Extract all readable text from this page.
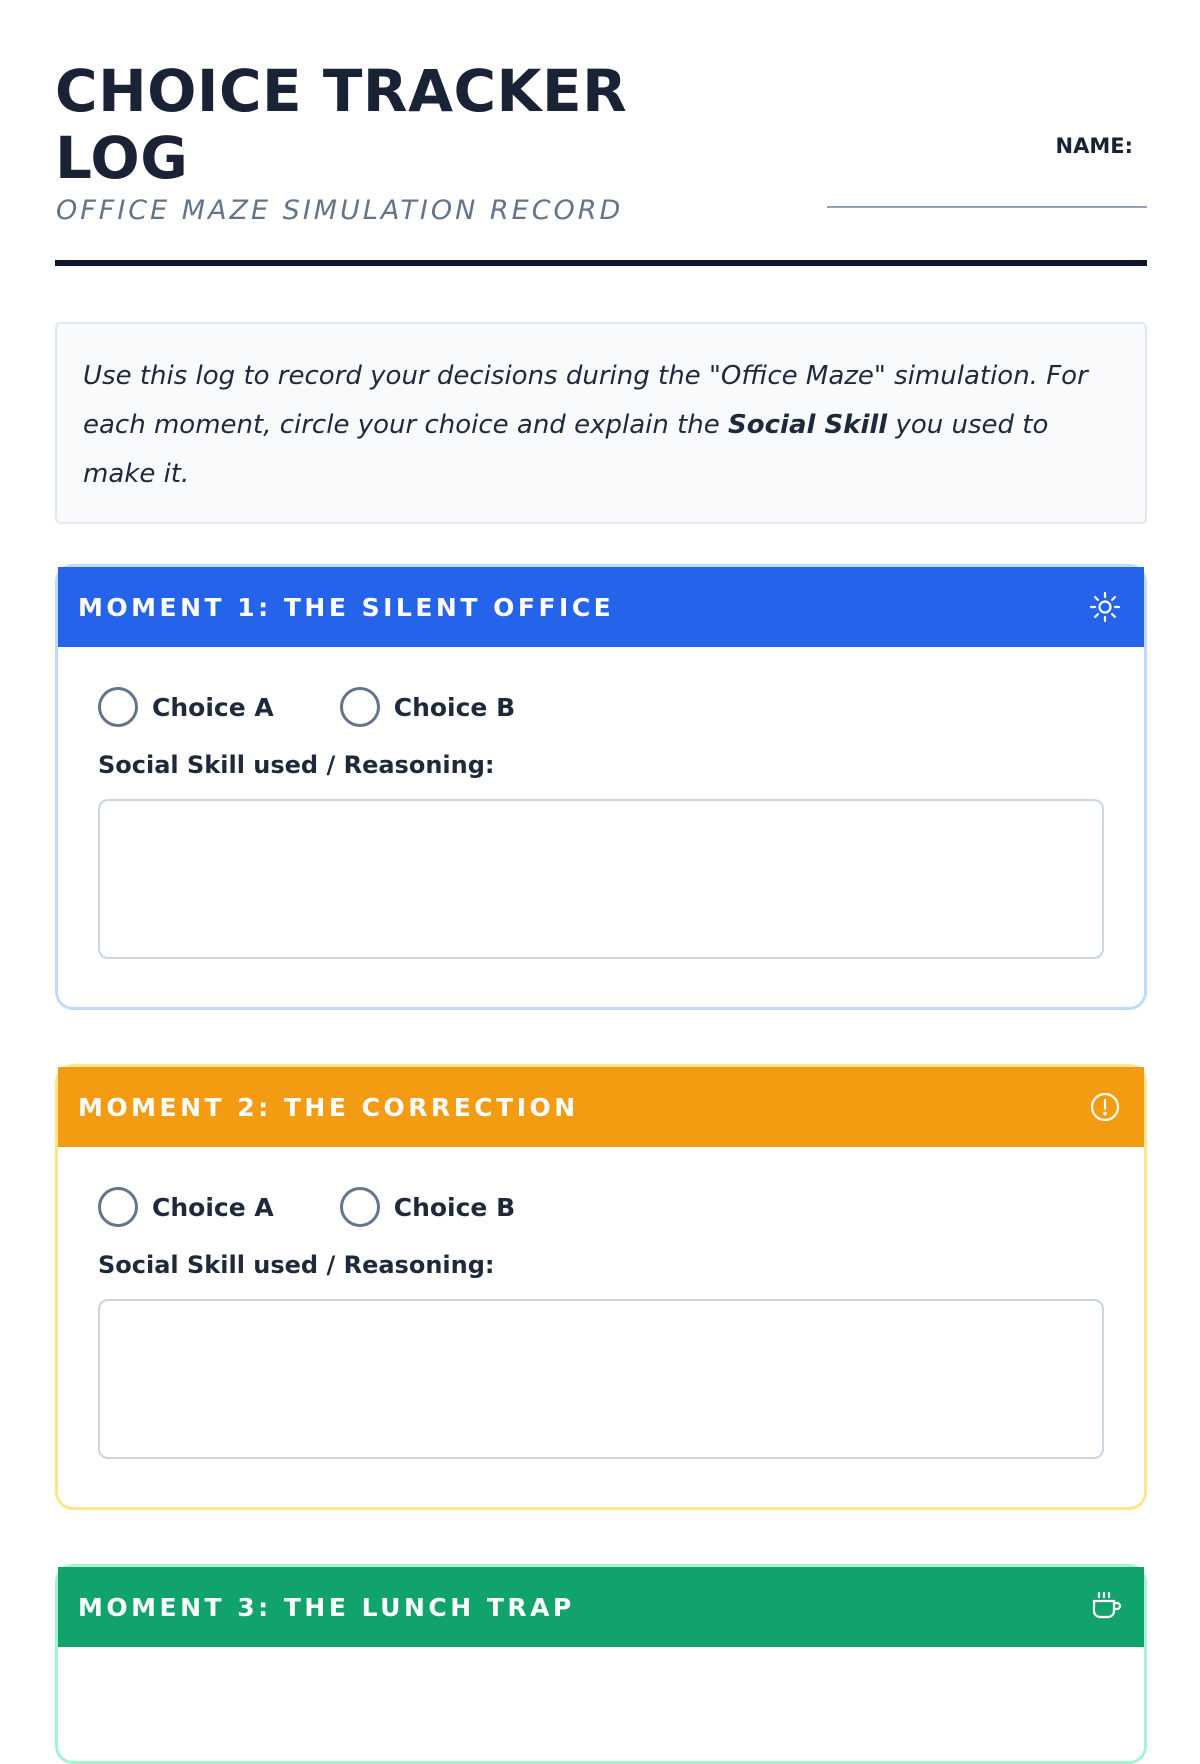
CHOICE TRACKER LOG
OFFICE MAZE SIMULATION RECORD
NAME:

Use this log to record your decisions during the "Office Maze" simulation. For each moment, circle your choice and explain the Social Skill you used to make it.

MOMENT 1: THE SILENT OFFICE
Choice A	Choice B
Social Skill used / Reasoning:
MOMENT 2: THE CORRECTION
Choice A	Choice B
Social Skill used / Reasoning:
MOMENT 3: THE LUNCH TRAP
